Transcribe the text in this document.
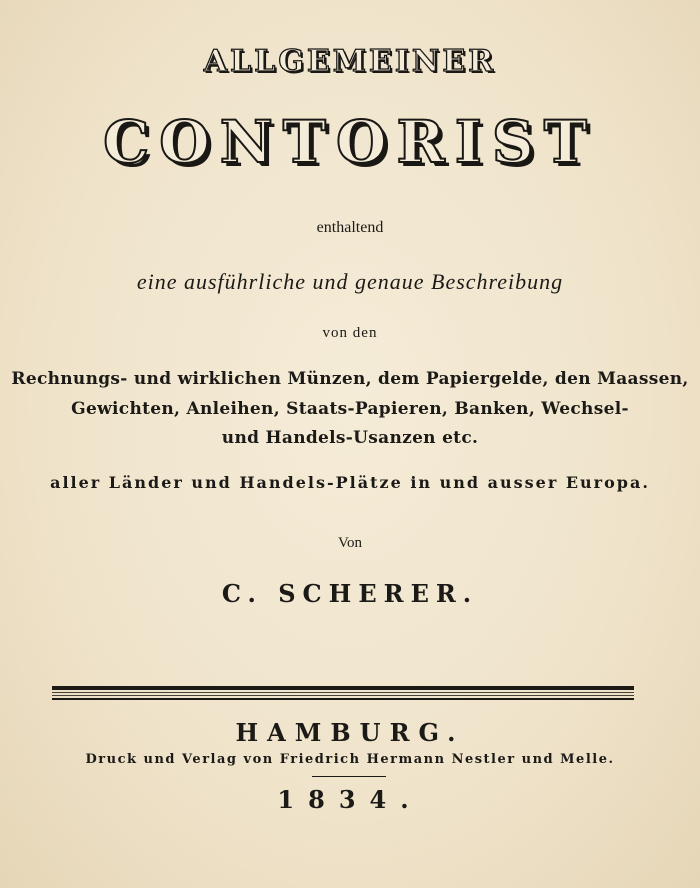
ALLGEMEINER
CONTORIST
enthaltend
eine ausführliche und genaue Beschreibung
von den
Rechnungs- und wirklichen Münzen, dem Papiergelde, den Maassen,
Gewichten, Anleihen, Staats-Papieren, Banken, Wechsel-
und Handels-Usanzen etc.
aller Länder und Handels-Plätze in und ausser Europa.
Von
C. SCHERER.
HAMBURG.
Druck und Verlag von Friedrich Hermann Nestler und Melle.
1834.
